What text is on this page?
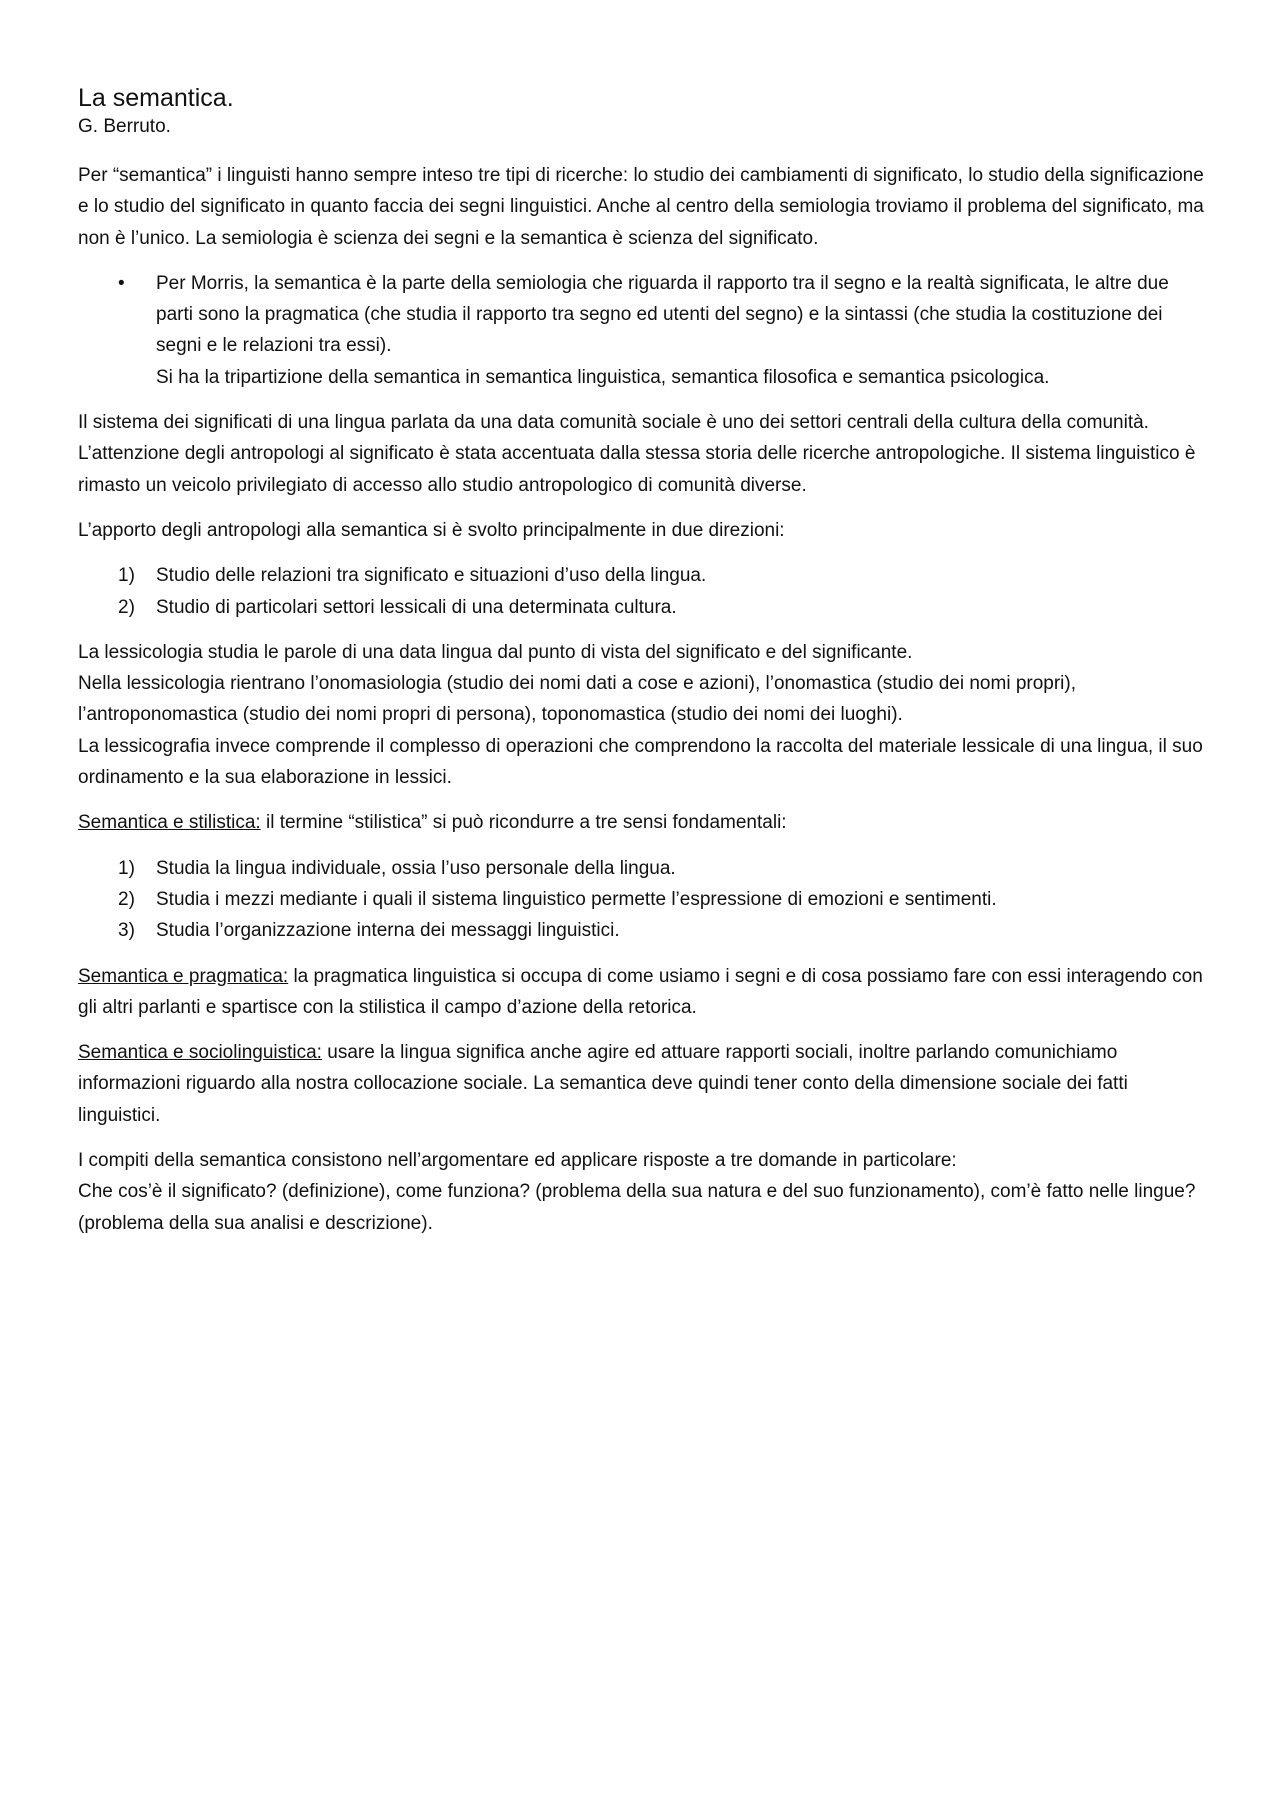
La semantica.
G. Berruto.

Per “semantica” i linguisti hanno sempre inteso tre tipi di ricerche: lo studio dei cambiamenti di significato, lo studio della significazione e lo studio del significato in quanto faccia dei segni linguistici. Anche al centro della semiologia troviamo il problema del significato, ma non è l’unico. La semiologia è scienza dei segni e la semantica è scienza del significato.

• Per Morris, la semantica è la parte della semiologia che riguarda il rapporto tra il segno e la realtà significata, le altre due parti sono la pragmatica (che studia il rapporto tra segno ed utenti del segno) e la sintassi (che studia la costituzione dei segni e le relazioni tra essi).
Si ha la tripartizione della semantica in semantica linguistica, semantica filosofica e semantica psicologica.

Il sistema dei significati di una lingua parlata da una data comunità sociale è uno dei settori centrali della cultura della comunità. L’attenzione degli antropologi al significato è stata accentuata dalla stessa storia delle ricerche antropologiche. Il sistema linguistico è rimasto un veicolo privilegiato di accesso allo studio antropologico di comunità diverse.

L’apporto degli antropologi alla semantica si è svolto principalmente in due direzioni:

1) Studio delle relazioni tra significato e situazioni d’uso della lingua.
2) Studio di particolari settori lessicali di una determinata cultura.

La lessicologia studia le parole di una data lingua dal punto di vista del significato e del significante.
Nella lessicologia rientrano l’onomasiologia (studio dei nomi dati a cose e azioni), l’onomastica (studio dei nomi propri), l’antroponomastica (studio dei nomi propri di persona), toponomastica (studio dei nomi dei luoghi).
La lessicografia invece comprende il complesso di operazioni che comprendono la raccolta del materiale lessicale di una lingua, il suo ordinamento e la sua elaborazione in lessici.

Semantica e stilistica: il termine “stilistica” si può ricondurre a tre sensi fondamentali:

1) Studia la lingua individuale, ossia l’uso personale della lingua.
2) Studia i mezzi mediante i quali il sistema linguistico permette l’espressione di emozioni e sentimenti.
3) Studia l’organizzazione interna dei messaggi linguistici.

Semantica e pragmatica: la pragmatica linguistica si occupa di come usiamo i segni e di cosa possiamo fare con essi interagendo con gli altri parlanti e spartisce con la stilistica il campo d’azione della retorica.

Semantica e sociolinguistica: usare la lingua significa anche agire ed attuare rapporti sociali, inoltre parlando comunichiamo informazioni riguardo alla nostra collocazione sociale. La semantica deve quindi tener conto della dimensione sociale dei fatti linguistici.

I compiti della semantica consistono nell’argomentare ed applicare risposte a tre domande in particolare:
Che cos’è il significato? (definizione), come funziona? (problema della sua natura e del suo funzionamento), com’è fatto nelle lingue? (problema della sua analisi e descrizione).
